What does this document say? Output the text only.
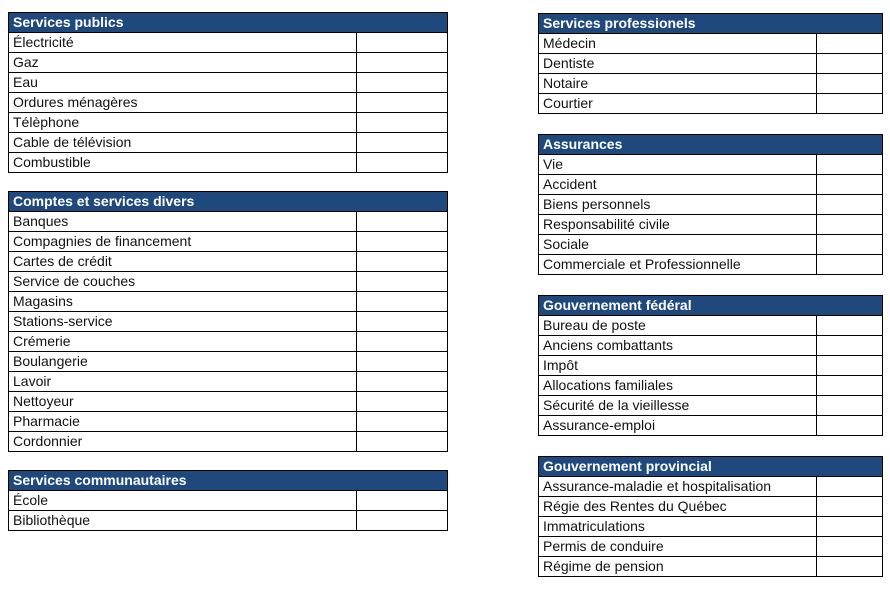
Services publics	
Électricité	
Gaz	
Eau	
Ordures ménagères	
Télèphone	
Cable de télévision	
Combustible	
Comptes et services divers	
Banques	
Compagnies de financement	
Cartes de crédit	
Service de couches	
Magasins	
Stations-service	
Crémerie	
Boulangerie	
Lavoir	
Nettoyeur	
Pharmacie	
Cordonnier	
Services communautaires	
École	
Bibliothèque	
Services professionels	
Médecin	
Dentiste	
Notaire	
Courtier	
Assurances	
Vie	
Accident	
Biens personnels	
Responsabilité civile	
Sociale	
Commerciale et Professionnelle	
Gouvernement fédéral	
Bureau de poste	
Anciens combattants	
Impôt	
Allocations familiales	
Sécurité de la vieillesse	
Assurance-emploi	
Gouvernement provincial	
Assurance-maladie et hospitalisation	
Régie des Rentes du Québec	
Immatriculations	
Permis de conduire	
Régime de pension	
